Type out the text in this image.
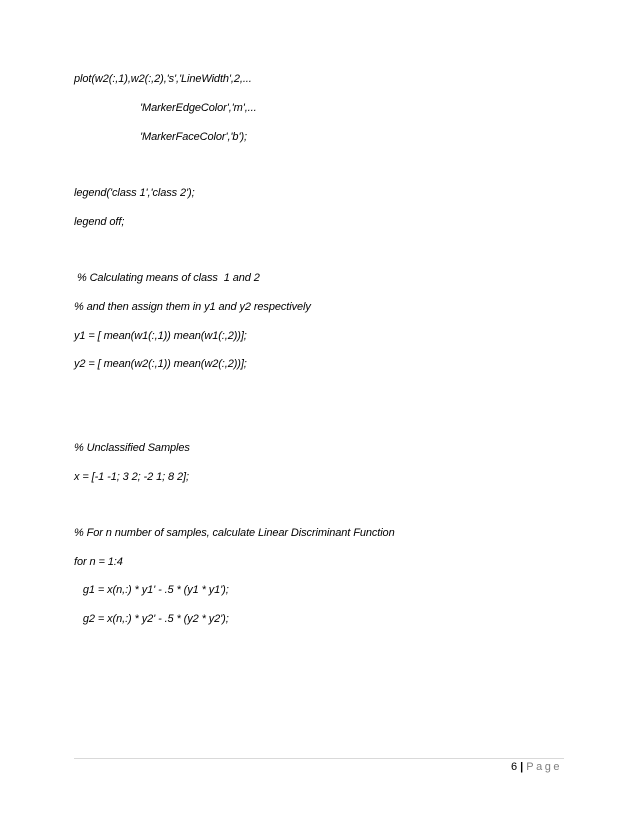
plot(w2(:,1),w2(:,2),'s','LineWidth',2,...
'MarkerEdgeColor','m',...
'MarkerFaceColor','b');
legend('class 1','class 2');
legend off;
% Calculating means of class  1 and 2
% and then assign them in y1 and y2 respectively
y1 = [ mean(w1(:,1)) mean(w1(:,2))];
y2 = [ mean(w2(:,1)) mean(w2(:,2))];
% Unclassified Samples
x = [-1 -1; 3 2; -2 1; 8 2];
% For n number of samples, calculate Linear Discriminant Function
for n = 1:4
g1 = x(n,:) * y1' - .5 * (y1 * y1');
g2 = x(n,:) * y2' - .5 * (y2 * y2');
6 | Page
